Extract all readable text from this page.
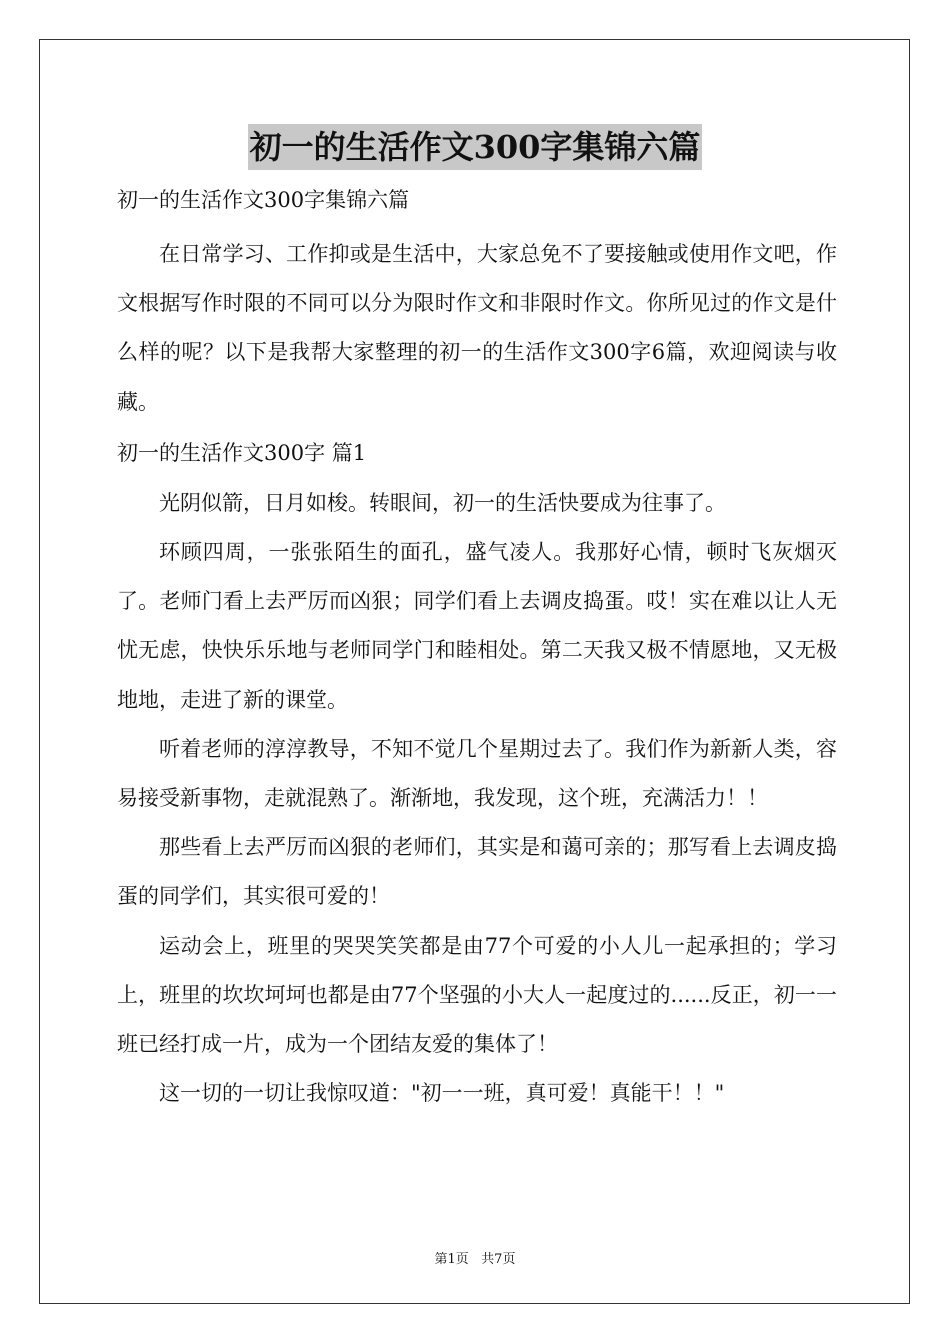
初一的生活作文300字集锦六篇

初一的生活作文300字集锦六篇

在日常学习、工作抑或是生活中，大家总免不了要接触或使用作文吧，作文根据写作时限的不同可以分为限时作文和非限时作文。你所见过的作文是什么样的呢？以下是我帮大家整理的初一的生活作文300字6篇，欢迎阅读与收藏。

初一的生活作文300字 篇1

光阴似箭，日月如梭。转眼间，初一的生活快要成为往事了。

环顾四周，一张张陌生的面孔，盛气凌人。我那好心情，顿时飞灰烟灭了。老师门看上去严厉而凶狠；同学们看上去调皮捣蛋。哎！实在难以让人无忧无虑，快快乐乐地与老师同学门和睦相处。第二天我又极不情愿地，又无极地地，走进了新的课堂。

听着老师的淳淳教导，不知不觉几个星期过去了。我们作为新新人类，容易接受新事物，走就混熟了。渐渐地，我发现，这个班，充满活力！！

那些看上去严厉而凶狠的老师们，其实是和蔼可亲的；那写看上去调皮捣蛋的同学们，其实很可爱的！

运动会上，班里的哭哭笑笑都是由77个可爱的小人儿一起承担的；学习上，班里的坎坎坷坷也都是由77个坚强的小大人一起度过的......反正，初一一班已经打成一片，成为一个团结友爱的集体了！

这一切的一切让我惊叹道："初一一班，真可爱！真能干！！"

第1页   共7页
